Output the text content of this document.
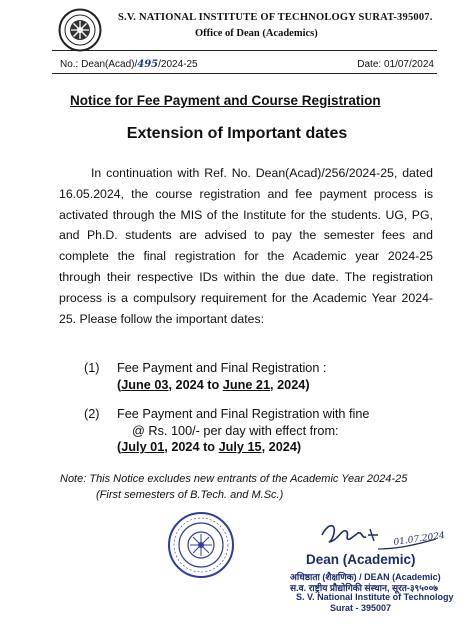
S.V. NATIONAL INSTITUTE OF TECHNOLOGY SURAT-395007.
Office of Dean (Academics)
No.: Dean(Acad)/495/2024-25	Date: 01/07/2024
Notice for Fee Payment and Course Registration
Extension of Important dates
In continuation with Ref. No. Dean(Acad)/256/2024-25, dated 16.05.2024, the course registration and fee payment process is activated through the MIS of the Institute for the students. UG, PG, and Ph.D. students are advised to pay the semester fees and complete the final registration for the Academic year 2024-25 through their respective IDs within the due date. The registration process is a compulsory requirement for the Academic Year 2024-25. Please follow the important dates:
(1) Fee Payment and Final Registration :
(June 03, 2024 to June 21, 2024)
(2) Fee Payment and Final Registration with fine
@ Rs. 100/- per day with effect from:
(July 01, 2024 to July 15, 2024)
Note: This Notice excludes new entrants of the Academic Year 2024-25
(First semesters of B.Tech. and M.Sc.)
01.07.2024
Dean (Academic)
अधिष्ठाता (शैक्षणिक) / DEAN (Academic)
स.व. राष्ट्रीय प्रौद्योगिकी संस्थान, सूरत-३९५००७
S. V. National Institute of Technology
Surat - 395007
